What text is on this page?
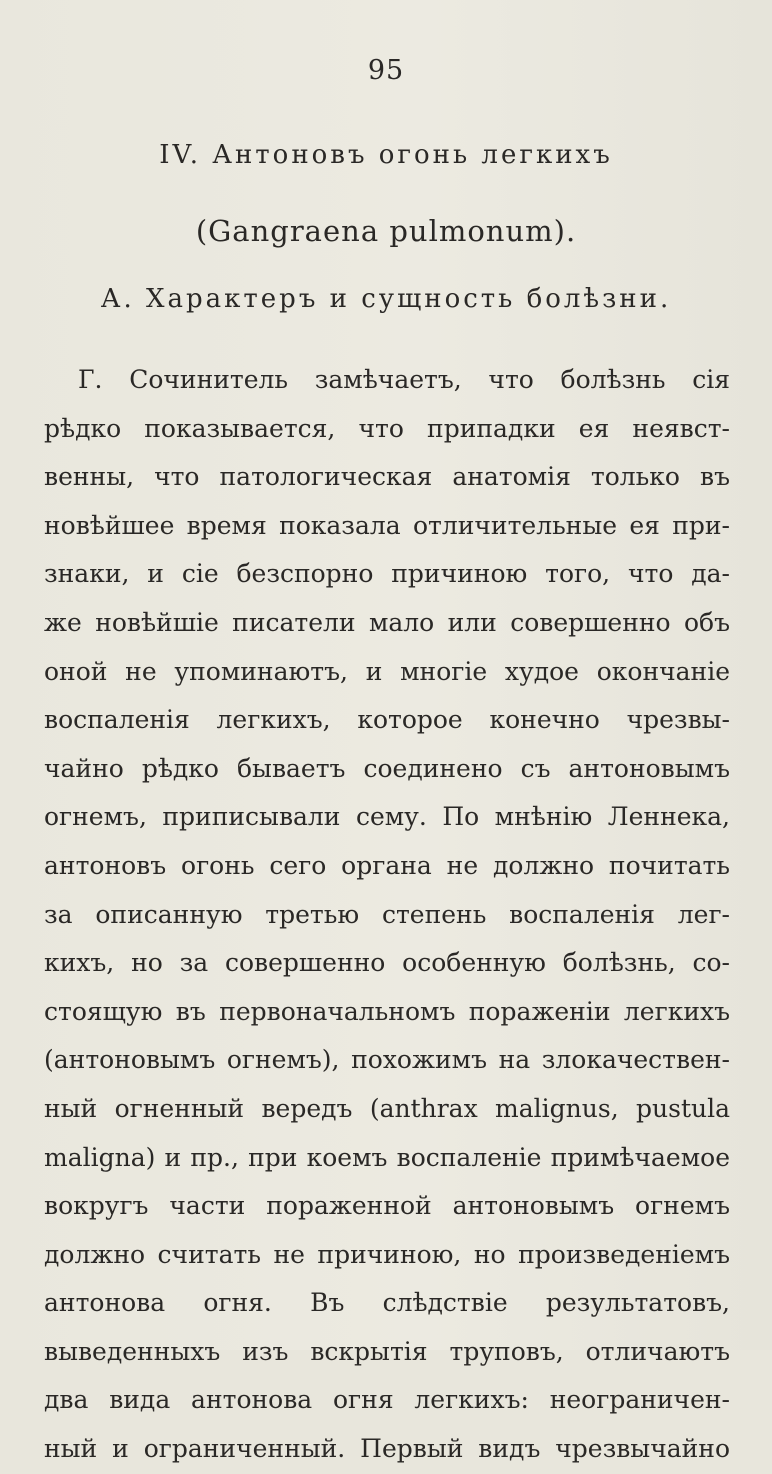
95
IV. Антоновъ огонь легкихъ
(Gangraena pulmonum).
А. Характеръ и сущность болѣзни.
Г. Сочинитель замѣчаетъ, что болѣзнь сія
рѣдко показывается, что припадки ея неявст-
венны, что патологическая анатомія только въ
новѣйшее время показала отличительные ея при-
знаки, и сіе безспорно причиною того, что да-
же новѣйшіе писатели мало или совершенно объ
оной не упоминаютъ, и многіе худое окончаніе
воспаленія легкихъ, которое конечно чрезвы-
чайно рѣдко бываетъ соединено съ антоновымъ
огнемъ, приписывали сему. По мнѣнію Леннека,
антоновъ огонь сего органа не должно почитать
за описанную третью степень воспаленія лег-
кихъ, но за совершенно особенную болѣзнь, со-
стоящую въ первоначальномъ пораженіи легкихъ
(антоновымъ огнемъ), похожимъ на злокачествен-
ный огненный вередъ (anthrax malignus, pustula
maligna) и пр., при коемъ воспаленіе примѣчаемое
вокругъ части пораженной антоновымъ огнемъ
должно считать не причиною, но произведеніемъ
антонова огня. Въ слѣдствіе результатовъ,
выведенныхъ изъ вскрытія труповъ, отличаютъ
два вида антонова огня легкихъ: неограничен-
ный и ограниченный. Первый видъ чрезвычайно
